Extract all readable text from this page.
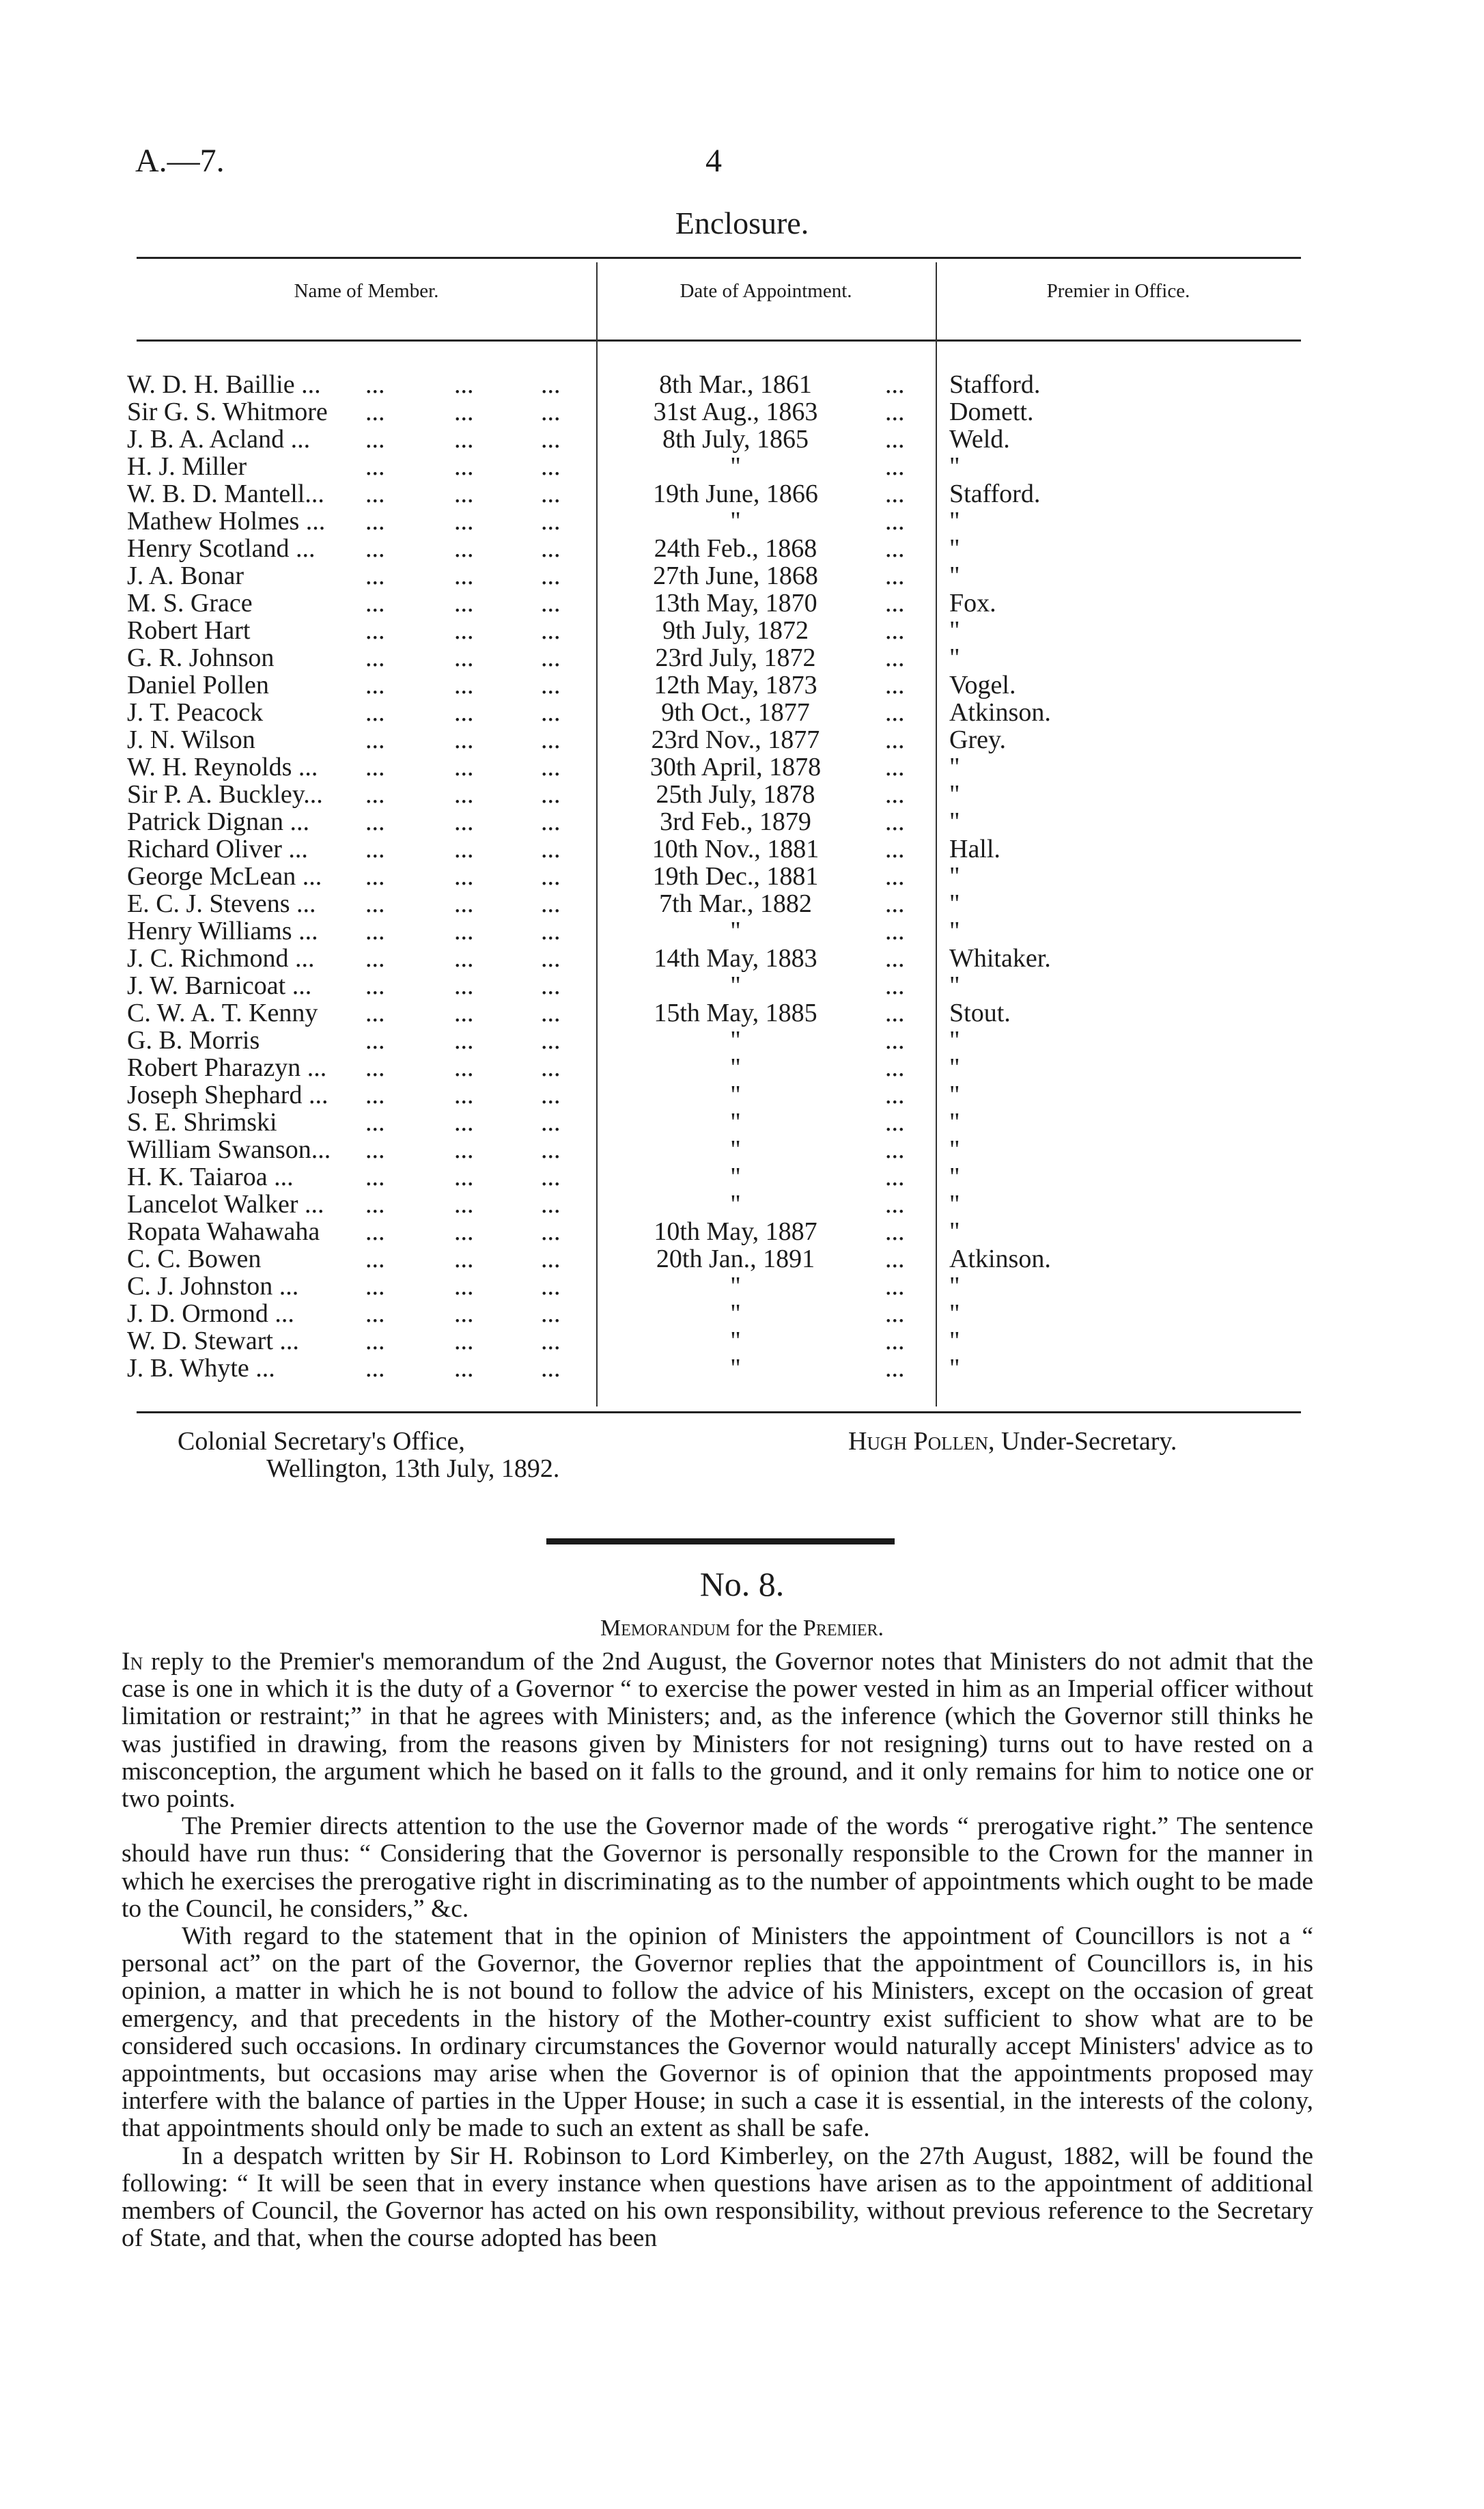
A.—7.	4
Enclosure.
Name of Member.	Date of Appointment.	Premier in Office.
W. D. H. Baillie ... ...	...	...	8th Mar., 1861	... Stafford.
Sir G. S. Whitmore ...	...	...	31st Aug., 1863	... Domett.
J. B. A. Acland ... ...	...	...	8th July, 1865	... Weld.
H. J. Miller	...	...	...	"	... "
W. B. D. Mantell... ...	...	...	19th June, 1866	... Stafford.
Mathew Holmes ... ...	...	...	"	... "
Henry Scotland ... ...	...	...	24th Feb., 1868	... "
J. A. Bonar	...	...	...	27th June, 1868	... "
M. S. Grace	...	...	...	13th May, 1870	... Fox.
Robert Hart	...	...	...	9th July, 1872	... "
G. R. Johnson	...	...	...	23rd July, 1872	... "
Daniel Pollen	...	...	...	12th May, 1873	... Vogel.
J. T. Peacock	...	...	...	9th Oct., 1877	... Atkinson.
J. N. Wilson	...	...	...	23rd Nov., 1877	... Grey.
W. H. Reynolds ... ...	...	...	30th April, 1878	... "
Sir P. A. Buckley... ...	...	...	25th July, 1878	... "
Patrick Dignan ... ...	...	...	3rd Feb., 1879	... "
Richard Oliver ... ...	...	...	10th Nov., 1881	... Hall.
George McLean ... ...	...	...	19th Dec., 1881	... "
E. C. J. Stevens ... ...	...	...	7th Mar., 1882	... "
Henry Williams ... ...	...	...	"	... "
J. C. Richmond ... ...	...	...	14th May, 1883	... Whitaker.
J. W. Barnicoat ... ...	...	...	"	... "
C. W. A. T. Kenny ...	...	...	15th May, 1885	... Stout.
G. B. Morris	...	...	...	"	... "
Robert Pharazyn ... ...	...	...	"	... "
Joseph Shephard ... ...	...	...	"	... "
S. E. Shrimski	...	...	...	"	... "
William Swanson... ...	...	...	"	... "
H. K. Taiaroa ...	...	...	...	"	... "
Lancelot Walker ... ...	...	...	"	... "
Ropata Wahawaha ...	...	...	10th May, 1887	... "
C. C. Bowen	...	...	...	20th Jan., 1891	... Atkinson.
C. J. Johnston ...	...	...	...	"	... "
J. D. Ormond ...	...	...	...	"	... "
W. D. Stewart ...	...	...	...	"	... "
J. B. Whyte ...	...	...	...	"	... "
Colonial Secretary's Office,
Wellington, 13th July, 1892.
Hugh Pollen, Under-Secretary.
No. 8.
Memorandum for the Premier.

In reply to the Premier's memorandum of the 2nd August, the Governor notes that Ministers do not admit that the case is one in which it is the duty of a Governor “ to exercise the power vested in him as an Imperial officer without limitation or restraint;” in that he agrees with Ministers; and, as the inference (which the Governor still thinks he was justified in drawing, from the reasons given by Ministers for not resigning) turns out to have rested on a misconception, the argument which he based on it falls to the ground, and it only remains for him to notice one or two points.

The Premier directs attention to the use the Governor made of the words “ prerogative right.” The sentence should have run thus: “ Considering that the Governor is personally responsible to the Crown for the manner in which he exercises the prerogative right in discriminating as to the number of appointments which ought to be made to the Council, he considers,” &c.

With regard to the statement that in the opinion of Ministers the appointment of Councillors is not a “ personal act” on the part of the Governor, the Governor replies that the appointment of Councillors is, in his opinion, a matter in which he is not bound to follow the advice of his Ministers, except on the occasion of great emergency, and that precedents in the history of the Mother-country exist sufficient to show what are to be considered such occasions. In ordinary circumstances the Governor would naturally accept Ministers' advice as to appointments, but occasions may arise when the Governor is of opinion that the appointments proposed may interfere with the balance of parties in the Upper House; in such a case it is essential, in the interests of the colony, that appointments should only be made to such an extent as shall be safe.

In a despatch written by Sir H. Robinson to Lord Kimberley, on the 27th August, 1882, will be found the following: “ It will be seen that in every instance when questions have arisen as to the appointment of additional members of Council, the Governor has acted on his own responsibility, without previous reference to the Secretary of State, and that, when the course adopted has been
